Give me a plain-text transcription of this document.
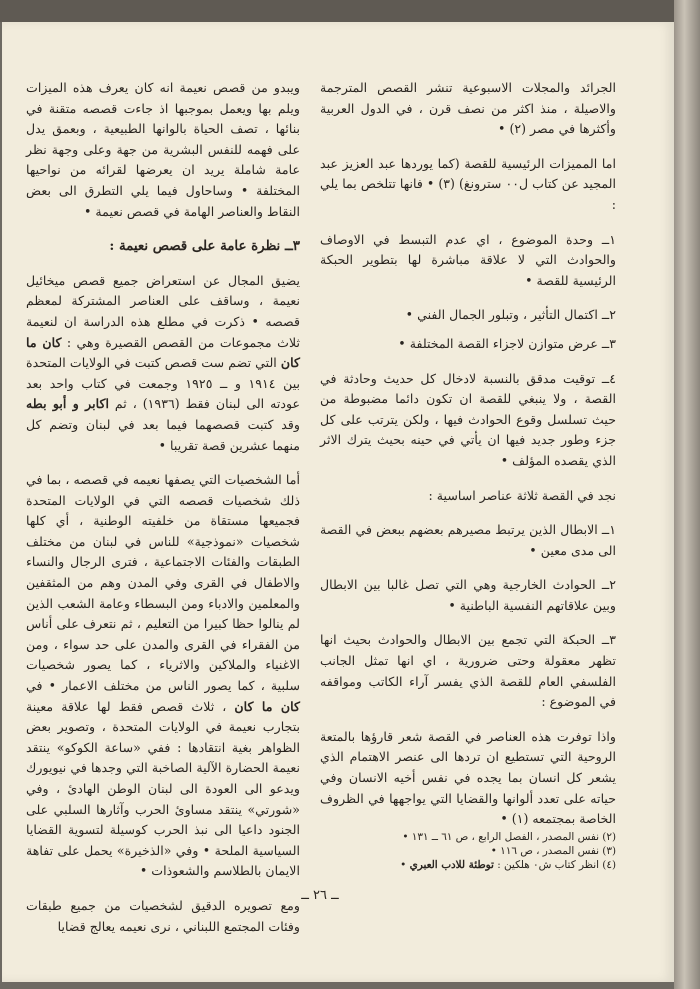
الجرائد والمجلات الاسبوعية تنشر القصص المترجمة والاصيلة ، منذ اكثر من نصف قرن ، في الدول العربية وأكثرها في مصر (٢) •

اما المميزات الرئيسية للقصة (كما يوردها عبد العزيز عبد المجيد عن كتاب ل٠٠ سترونغ) (٣) • فانها تتلخص بما يلي :

١ــ وحدة الموضوع ، اي عدم التبسط في الاوصاف والحوادث التي لا علاقة مباشرة لها بتطوير الحبكة الرئيسية للقصة •

٢ــ اكتمال التأثير ، وتبلور الجمال الفني •

٣ــ عرض متوازن لاجزاء القصة المختلفة •

٤ــ توقيت مدقق بالنسبة لادخال كل حديث وحادثة في القصة ، ولا ينبغي للقصة ان تكون دائما مضبوطة من حيث تسلسل وقوع الحوادث فيها ، ولكن يترتب على كل جزء وطور جديد فيها ان يأتي في حينه بحيث يترك الاثر الذي يقصده المؤلف •

نجد في القصة ثلاثة عناصر اساسية :

١ــ الابطال الذين يرتبط مصيرهم بعضهم ببعض في القصة الى مدى معين •

٢ــ الحوادث الخارجية وهي التي تصل غالبا بين الابطال وبين علاقاتهم النفسية الباطنية •

٣ــ الحبكة التي تجمع بين الابطال والحوادث بحيث انها تظهر معقولة وحتى ضرورية ، اي انها تمثل الجانب الفلسفي العام للقصة الذي يفسر آراء الكاتب ومواقفه في الموضوع :

واذا توفرت هذه العناصر في القصة شعر قارؤها بالمتعة الروحية التي تستطيع ان تردها الى عنصر الاهتمام الذي يشعر كل انسان بما يجده في نفس أخيه الانسان وفي حياته على تعدد ألوانها والقضايا التي يواجهها في الظروف الخاصة بمجتمعه (١) •

ويبدو من قصص نعيمة انه كان يعرف هذه الميزات ويلم بها ويعمل بموجبها اذ جاءت قصصه متقنة في بنائها ، تصف الحياة بالوانها الطبيعية ، وبعمق يدل على فهمه للنفس البشرية من جهة وعلى وجهة نظر عامة شاملة يريد ان يعرضها لقرائه من نواحيها المختلفة • وساحاول فيما يلي التطرق الى بعض النقاط والعناصر الهامة في قصص نعيمة •

٣ــ نظرة عامة على قصص نعيمة :

يضيق المجال عن استعراض جميع قصص ميخائيل نعيمة ، وساقف على العناصر المشتركة لمعظم قصصه • ذكرت في مطلع هذه الدراسة ان لنعيمة ثلاث مجموعات من القصص القصيرة وهي : كان ما كان التي تضم ست قصص كتبت في الولايات المتحدة بين ١٩١٤ و ــ ١٩٢٥ وجمعت في كتاب واحد بعد عودته الى لبنان فقط (١٩٣٦) ، ثم اكابر و أبو بطه وقد كتبت قصصهما فيما بعد في لبنان وتضم كل منهما عشرين قصة تقريبا •

أما الشخصيات التي يصفها نعيمه في قصصه ، بما في ذلك شخصيات قصصه التي في الولايات المتحدة فجميعها مستقاة من خلفيته الوطنية ، أي كلها شخصيات «نموذجية» للناس في لبنان من مختلف الطبقات والفئات الاجتماعية ، فترى الرجال والنساء والاطفال في القرى وفي المدن وهم من المثقفين والمعلمين والادباء ومن البسطاء وعامة الشعب الذين لم ينالوا حظا كبيرا من التعليم ، ثم نتعرف على أناس من الفقراء في القرى والمدن على حد سواء ، ومن الاغنياء والملاكين والاثرياء ، كما يصور شخصيات سلبية ، كما يصور الناس من مختلف الاعمار • في كان ما كان ، ثلاث قصص فقط لها علاقة معينة بتجارب نعيمة في الولايات المتحدة ، وتصوير بعض الظواهر بغية انتقادها : ففي «ساعة الكوكو» ينتقد نعيمة الحضارة الآلية الصاخبة التي وجدها في نيويورك ويدعو الى العودة الى لبنان الوطن الهادئ ، وفي «شورتي» ينتقد مساوئ الحرب وآثارها السلبي على الجنود داعيا الى نبذ الحرب كوسيلة لتسوية القضايا السياسية الملحة • وفي «الذخيرة» يحمل على تفاهة الايمان بالطلاسم والشعوذات •

ومع تصويره الدقيق لشخصيات من جميع طبقات وفئات المجتمع اللبناني ، نرى نعيمه يعالج قضايا

(٢) نفس المصدر ، الفصل الرابع ، ص ٦١ ــ ١٣١ •
(٣) نفس المصدر ، ص ١١٦ •
(٤) انظر كتاب ش٠ هلكين : توطئة للادب العبري •
ــ ٢٦ ــ
